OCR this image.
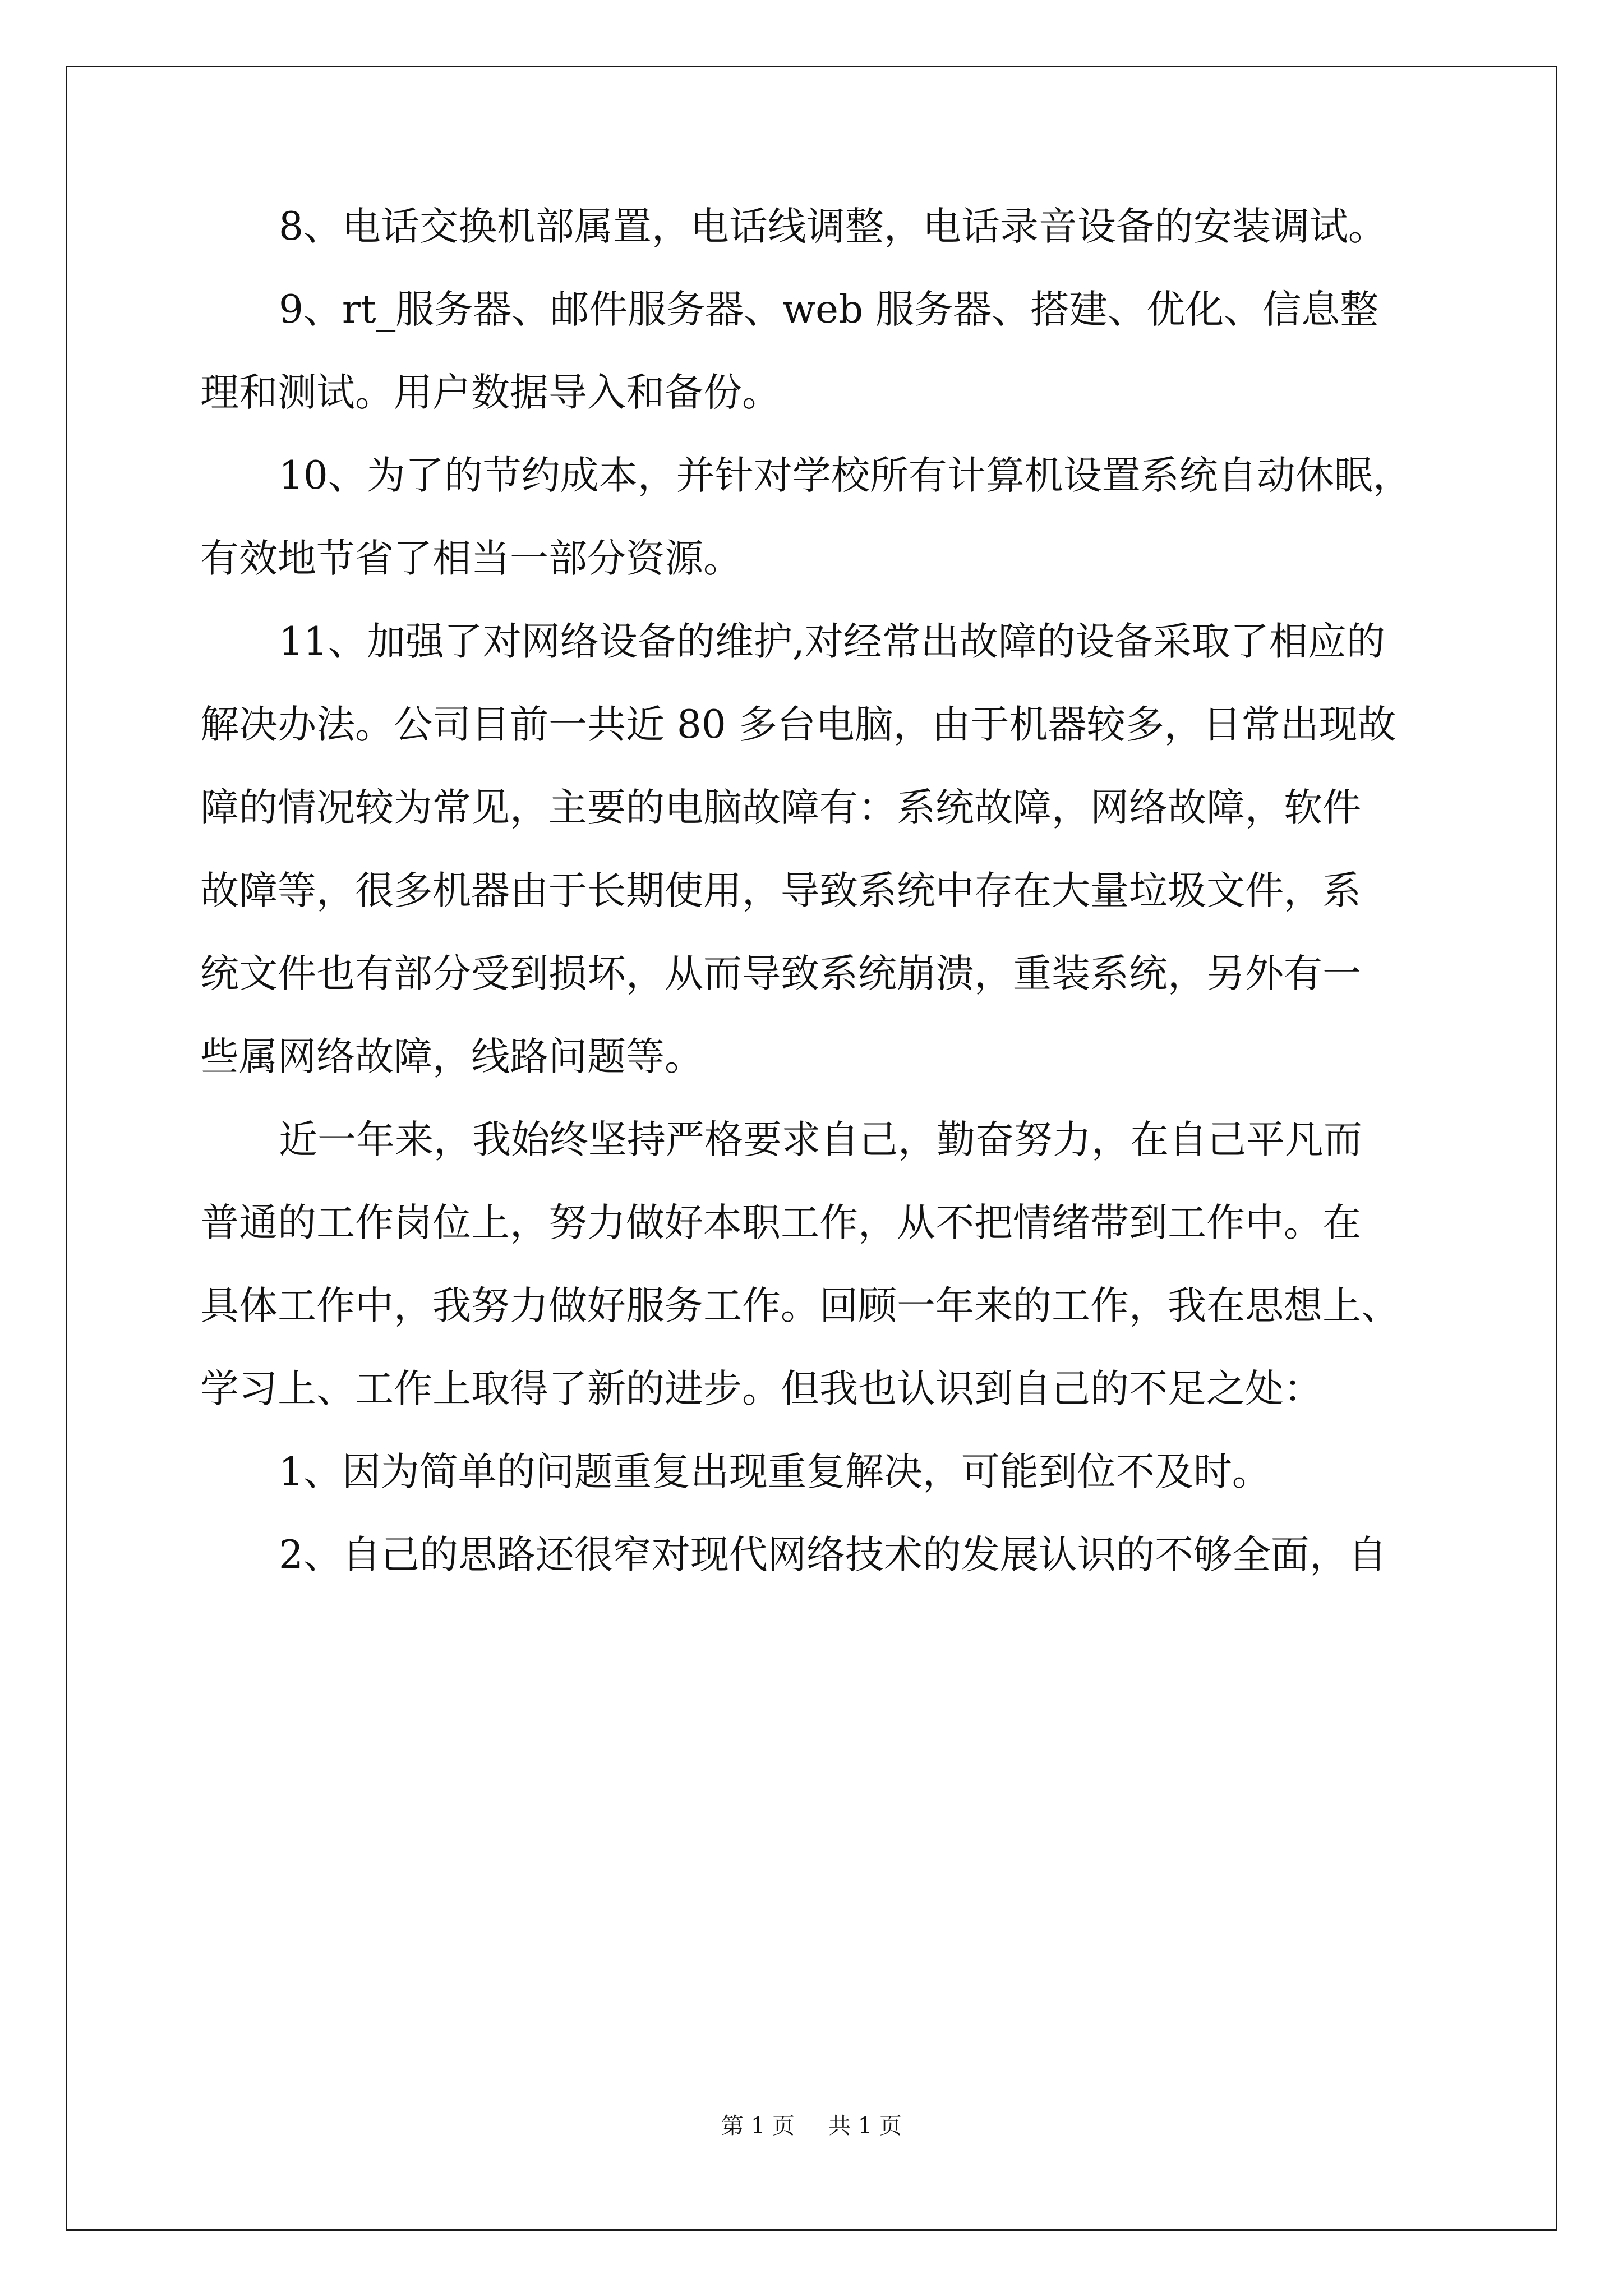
8、电话交换机部属置，电话线调整，电话录音设备的安装调试。
9、rt_服务器、邮件服务器、web 服务器、搭建、优化、信息整
理和测试。用户数据导入和备份。
10、为了的节约成本，并针对学校所有计算机设置系统自动休眠，
有效地节省了相当一部分资源。
11、加强了对网络设备的维护,对经常出故障的设备采取了相应的
解决办法。公司目前一共近 80 多台电脑，由于机器较多，日常出现故
障的情况较为常见，主要的电脑故障有：系统故障，网络故障，软件
故障等，很多机器由于长期使用，导致系统中存在大量垃圾文件，系
统文件也有部分受到损坏，从而导致系统崩溃，重装系统，另外有一
些属网络故障，线路问题等。
近一年来，我始终坚持严格要求自己，勤奋努力，在自己平凡而
普通的工作岗位上，努力做好本职工作，从不把情绪带到工作中。在
具体工作中，我努力做好服务工作。回顾一年来的工作，我在思想上、
学习上、工作上取得了新的进步。但我也认识到自己的不足之处：
1、因为简单的问题重复出现重复解决，可能到位不及时。
2、自己的思路还很窄对现代网络技术的发展认识的不够全面，自
第 1 页 共 1 页
